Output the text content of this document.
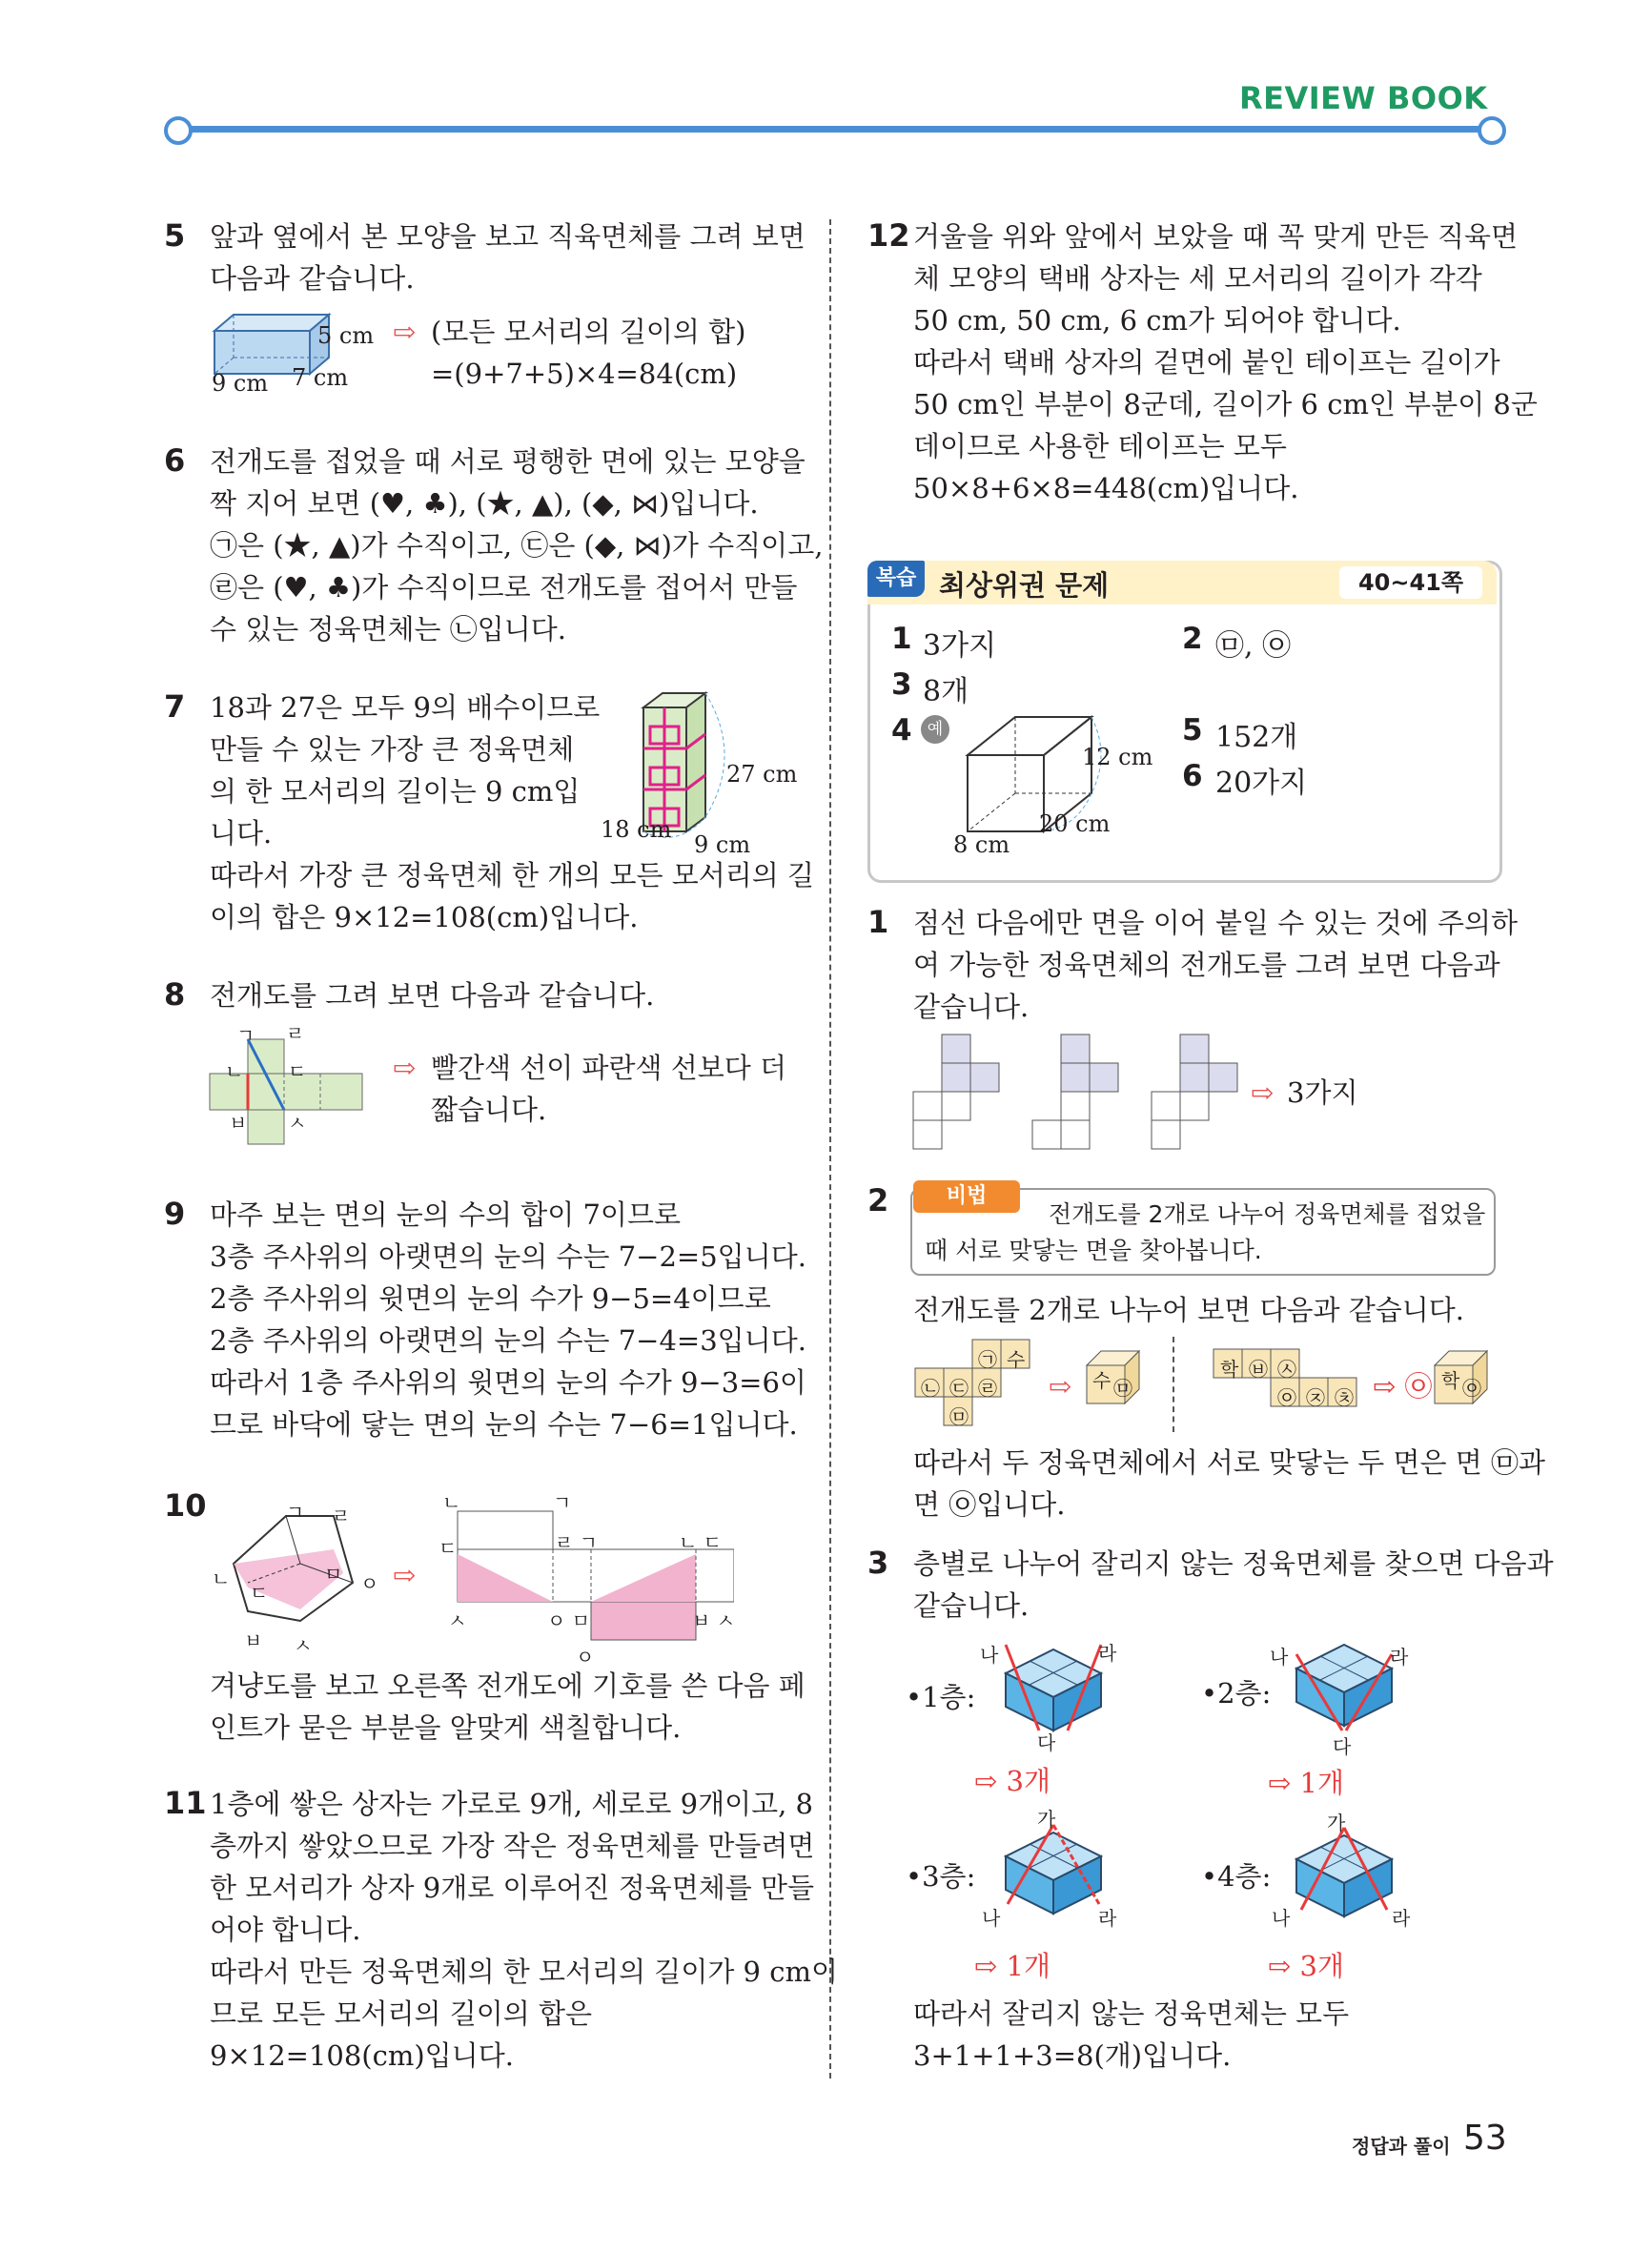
REVIEW BOOK
5 앞과 옆에서 본 모양을 보고 직육면체를 그려 보면
다음과 같습니다.
5 cm
9 cm 7 cm
⇨ (모든 모서리의 길이의 합)
=(9+7+5)×4=84(cm)
6 전개도를 접었을 때 서로 평행한 면에 있는 모양을
짝 지어 보면 (♥, ♣), (★, ▲), (◆, ⋈)입니다.
㉠은 (★, ▲)가 수직이고, ㉢은 (◆, ⋈)가 수직이고,
㉣은 (♥, ♣)가 수직이므로 전개도를 접어서 만들
수 있는 정육면체는 ㉡입니다.
7 18과 27은 모두 9의 배수이므로
만들 수 있는 가장 큰 정육면체
의 한 모서리의 길이는 9 cm입
니다.
27 cm
18 cm
9 cm
따라서 가장 큰 정육면체 한 개의 모든 모서리의 길
이의 합은 9×12=108(cm)입니다.
8 전개도를 그려 보면 다음과 같습니다.
ㄱ ㄹ
ㄴ ㄷ
ㅂ ㅅ
⇨ 빨간색 선이 파란색 선보다 더
짧습니다.
9 마주 보는 면의 눈의 수의 합이 7이므로
3층 주사위의 아랫면의 눈의 수는 7−2=5입니다.
2층 주사위의 윗면의 눈의 수가 9−5=4이므로
2층 주사위의 아랫면의 눈의 수는 7−4=3입니다.
따라서 1층 주사위의 윗면의 눈의 수가 9−3=6이
므로 바닥에 닿는 면의 눈의 수는 7−6=1입니다.
10	ㄱ ㄹ
ㄴ
ㄷ
ㅁ ㅇ
ㅂ ㅅ
⇨
ㄴ	ㄱ
ㄷ	ㄹ ㄱ	ㄴ ㄷ
ㅅ	ㅇ ㅁ	ㅂ ㅅ
ㅇ
겨냥도를 보고 오른쪽 전개도에 기호를 쓴 다음 페
인트가 묻은 부분을 알맞게 색칠합니다.
11 1층에 쌓은 상자는 가로로 9개, 세로로 9개이고, 8
층까지 쌓았으므로 가장 작은 정육면체를 만들려면
한 모서리가 상자 9개로 이루어진 정육면체를 만들
어야 합니다.
따라서 만든 정육면체의 한 모서리의 길이가 9 cm이
므로 모든 모서리의 길이의 합은
9×12=108(cm)입니다.
12 거울을 위와 앞에서 보았을 때 꼭 맞게 만든 직육면
체 모양의 택배 상자는 세 모서리의 길이가 각각
50 cm, 50 cm, 6 cm가 되어야 합니다.
따라서 택배 상자의 겉면에 붙인 테이프는 길이가
50 cm인 부분이 8군데, 길이가 6 cm인 부분이 8군
데이므로 사용한 테이프는 모두
50×8+6×8=448(cm)입니다.
복습 최상위권 문제	40~41쪽
1 3가지	2 ㉤, ㉧
3 8개
4 예
12 cm
20 cm
8 cm
5 152개
6 20가지
1 점선 다음에만 면을 이어 붙일 수 있는 것에 주의하
여 가능한 정육면체의 전개도를 그려 보면 다음과
같습니다.
⇨ 3가지
2	비법 PLUS
전개도를 2개로 나누어 정육면체를 접었을
때 서로 맞닿는 면을 찾아봅니다.
전개도를 2개로 나누어 보면 다음과 같습니다.
㉠ 수
㉡ ㉢ ㉣
㉤
⇨ 수 ㉤
학 ㉥ ㉦
㉧ ㉨ ㉩ ⇨ ㉧ 학 ㉧
따라서 두 정육면체에서 서로 맞닿는 두 면은 면 ㉤과
면 ㉧입니다.
3 층별로 나누어 잘리지 않는 정육면체를 찾으면 다음과
같습니다.
•1층:
나	라
다
⇨ 3개
•2층:
나	라
다
⇨ 1개
•3층:
가
나	라
⇨ 1개
•4층:
가
나	라
⇨ 3개
따라서 잘리지 않는 정육면체는 모두
3+1+1+3=8(개)입니다.
정답과 풀이 53
